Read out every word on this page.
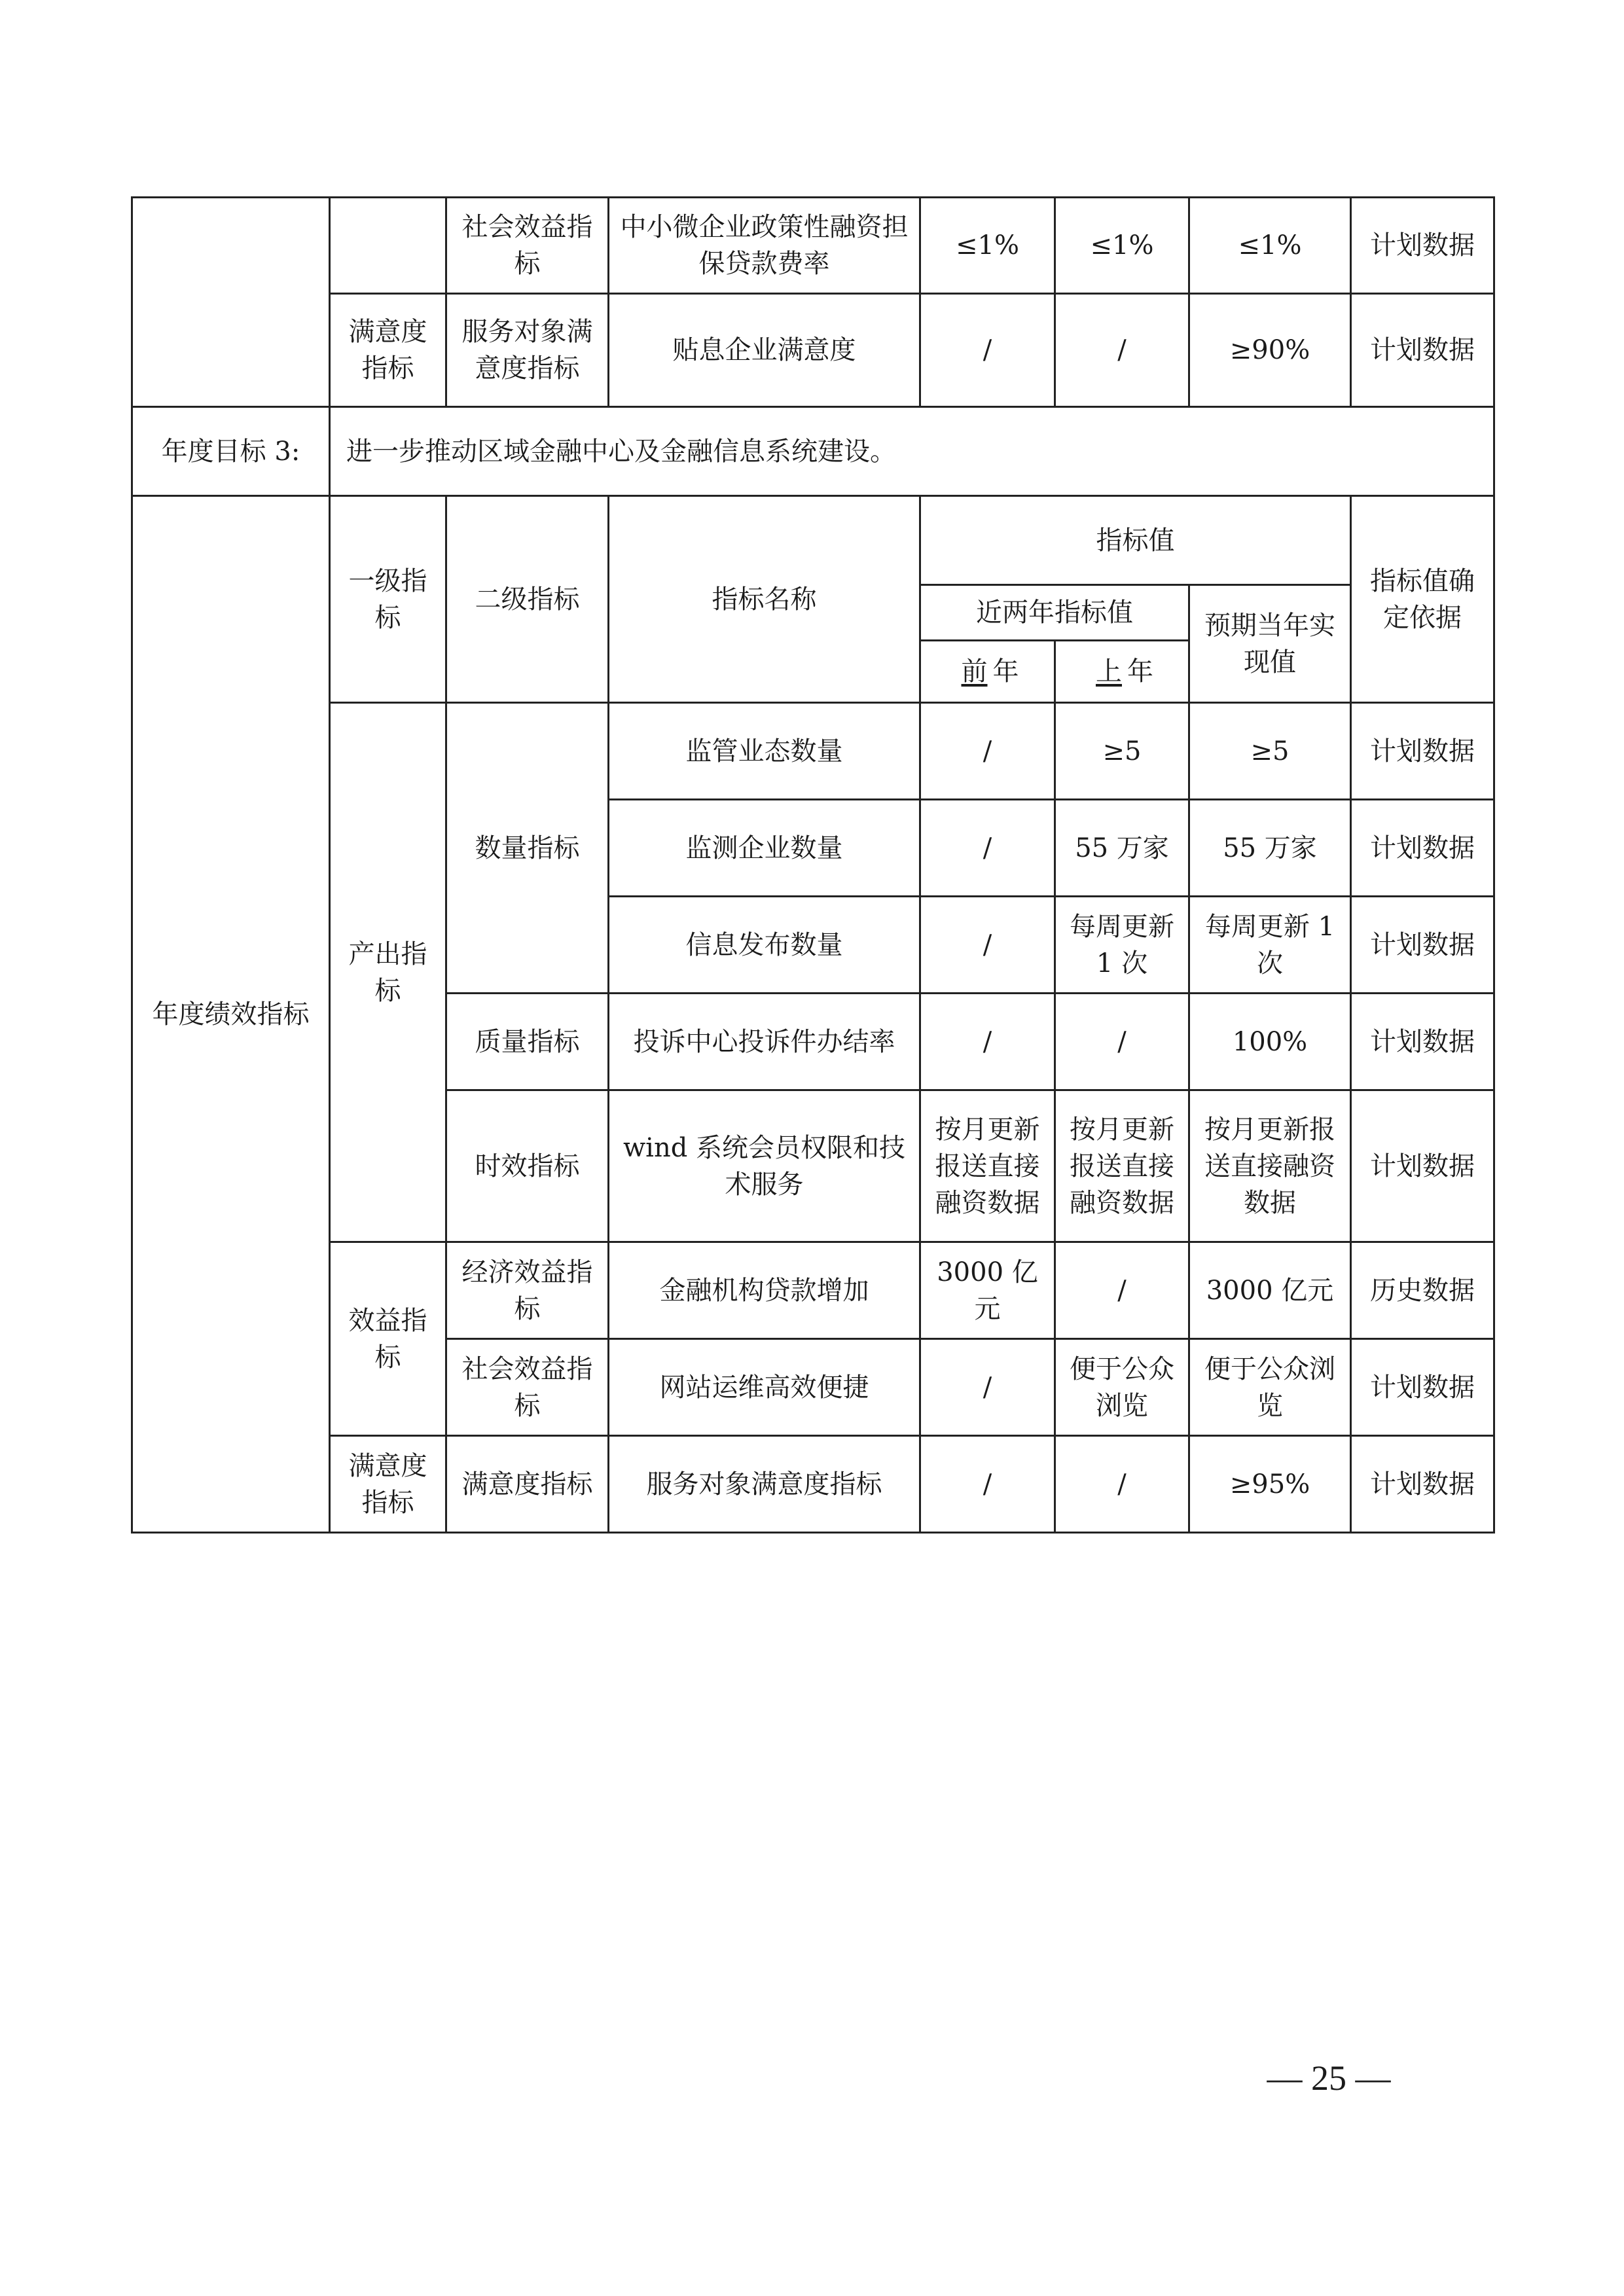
		社会效益指标	中小微企业政策性融资担保贷款费率	≤1%	≤1%	≤1%	计划数据
	满意度指标	服务对象满意度指标	贴息企业满意度	/	/	≥90%	计划数据
年度目标 3:	进一步推动区域金融中心及金融信息系统建设。						
年度绩效指标	一级指标	二级指标	指标名称	指标值			指标值确定依据
				近两年指标值		预期当年实现值	
				前 年	上 年		
	产出指标	数量指标	监管业态数量	/	≥5	≥5	计划数据
			监测企业数量	/	55 万家	55 万家	计划数据
			信息发布数量	/	每周更新 1 次	每周更新 1 次	计划数据
		质量指标	投诉中心投诉件办结率	/	/	100%	计划数据
		时效指标	wind 系统会员权限和技术服务	按月更新报送直接融资数据	按月更新报送直接融资数据	按月更新报送直接融资数据	计划数据
	效益指标	经济效益指标	金融机构贷款增加	3000 亿元	/	3000 亿元	历史数据
		社会效益指标	网站运维高效便捷	/	便于公众浏览	便于公众浏览	计划数据
	满意度指标	满意度指标	服务对象满意度指标	/	/	≥95%	计划数据
— 25 —
